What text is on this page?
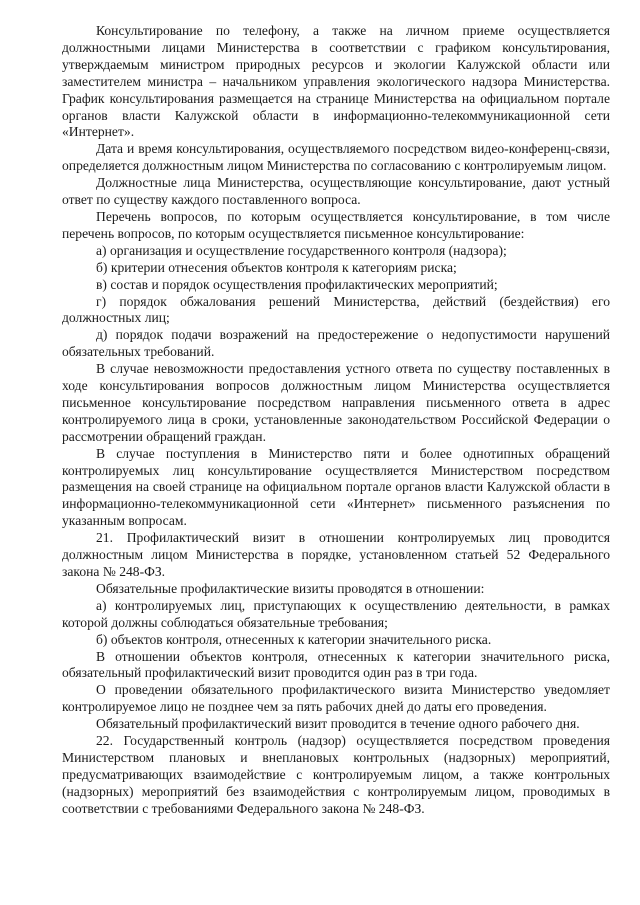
Консультирование по телефону, а также на личном приеме осуществляется должностными лицами Министерства в соответствии с графиком консультирования, утверждаемым министром природных ресурсов и экологии Калужской области или заместителем министра – начальником управления экологического надзора Министерства. График консультирования размещается на странице Министерства на официальном портале органов власти Калужской области в информационно-телекоммуникационной сети «Интернет».

Дата и время консультирования, осуществляемого посредством видео-конференц-связи, определяется должностным лицом Министерства по согласованию с контролируемым лицом.

Должностные лица Министерства, осуществляющие консультирование, дают устный ответ по существу каждого поставленного вопроса.

Перечень вопросов, по которым осуществляется консультирование, в том числе перечень вопросов, по которым осуществляется письменное консультирование:

а) организация и осуществление государственного контроля (надзора);

б) критерии отнесения объектов контроля к категориям риска;

в) состав и порядок осуществления профилактических мероприятий;

г) порядок обжалования решений Министерства, действий (бездействия) его должностных лиц;

д) порядок подачи возражений на предостережение о недопустимости нарушений обязательных требований.

В случае невозможности предоставления устного ответа по существу поставленных в ходе консультирования вопросов должностным лицом Министерства осуществляется письменное консультирование посредством направления письменного ответа в адрес контролируемого лица в сроки, установленные законодательством Российской Федерации о рассмотрении обращений граждан.

В случае поступления в Министерство пяти и более однотипных обращений контролируемых лиц консультирование осуществляется Министерством посредством размещения на своей странице на официальном портале органов власти Калужской области в информационно-телекоммуникационной сети «Интернет» письменного разъяснения по указанным вопросам.

21. Профилактический визит в отношении контролируемых лиц проводится должностным лицом Министерства в порядке, установленном статьей 52 Федерального закона № 248-ФЗ.

Обязательные профилактические визиты проводятся в отношении:

а) контролируемых лиц, приступающих к осуществлению деятельности, в рамках которой должны соблюдаться обязательные требования;

б) объектов контроля, отнесенных к категории значительного риска.

В отношении объектов контроля, отнесенных к категории значительного риска, обязательный профилактический визит проводится один раз в три года.

О проведении обязательного профилактического визита Министерство уведомляет контролируемое лицо не позднее чем за пять рабочих дней до даты его проведения.

Обязательный профилактический визит проводится в течение одного рабочего дня.

22. Государственный контроль (надзор) осуществляется посредством проведения Министерством плановых и внеплановых контрольных (надзорных) мероприятий, предусматривающих взаимодействие с контролируемым лицом, а также контрольных (надзорных) мероприятий без взаимодействия с контролируемым лицом, проводимых в соответствии с требованиями Федерального закона № 248-ФЗ.
